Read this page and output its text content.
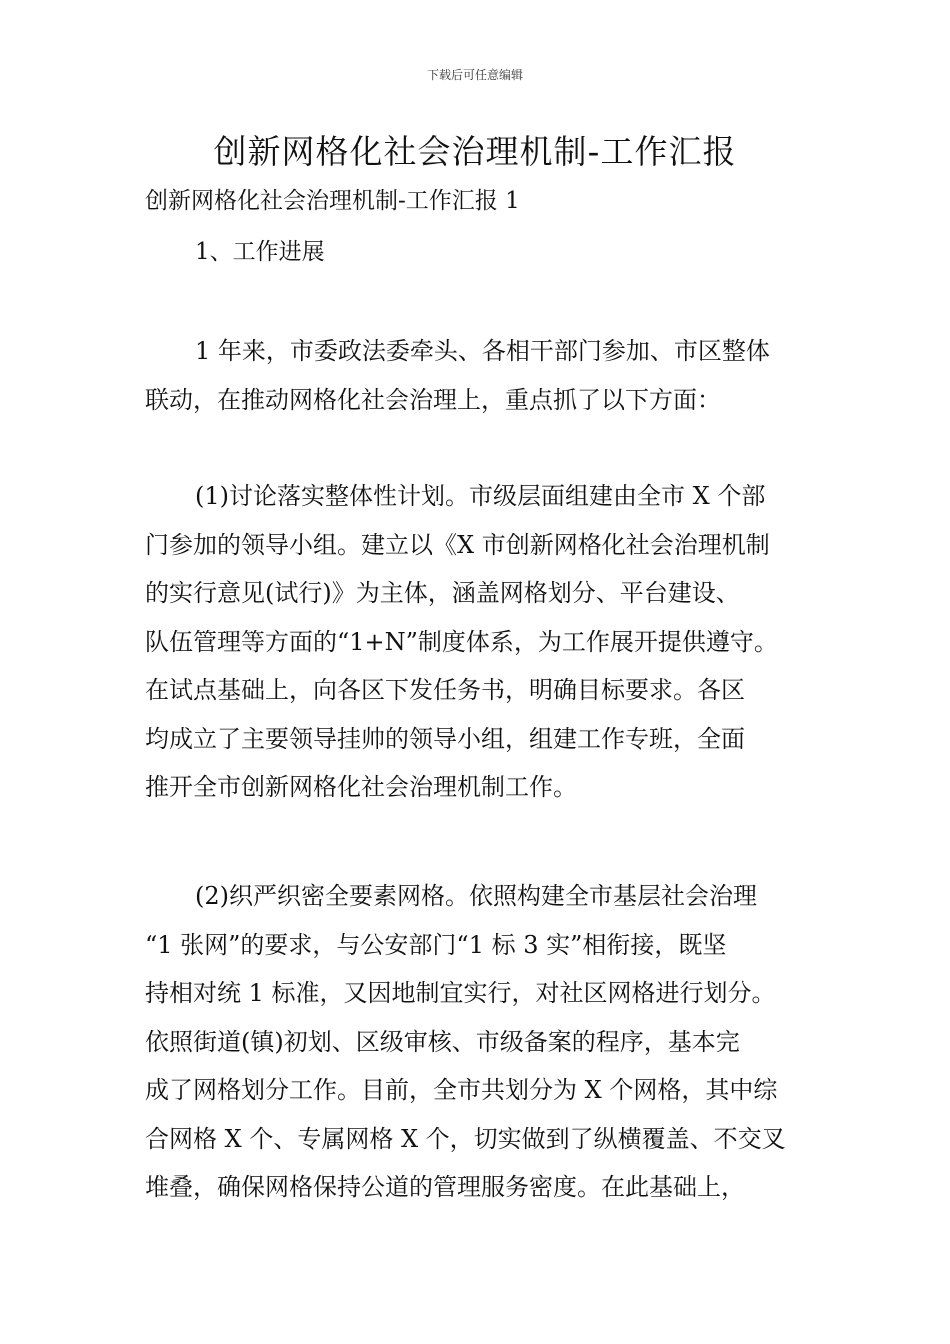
下载后可任意编辑
创新网格化社会治理机制-工作汇报

创新网格化社会治理机制-工作汇报 1

1、工作进展

1 年来，市委政法委牵头、各相干部门参加、市区整体
联动，在推动网格化社会治理上，重点抓了以下方面：

(1)讨论落实整体性计划。市级层面组建由全市 X 个部
门参加的领导小组。建立以《X 市创新网格化社会治理机制
的实行意见(试行)》为主体，涵盖网格划分、平台建设、
队伍管理等方面的“1+N”制度体系，为工作展开提供遵守。
在试点基础上，向各区下发任务书，明确目标要求。各区
均成立了主要领导挂帅的领导小组，组建工作专班，全面
推开全市创新网格化社会治理机制工作。

(2)织严织密全要素网格。依照构建全市基层社会治理
“1 张网”的要求，与公安部门“1 标 3 实”相衔接，既坚
持相对统 1 标准，又因地制宜实行，对社区网格进行划分。
依照街道(镇)初划、区级审核、市级备案的程序，基本完
成了网格划分工作。目前，全市共划分为 X 个网格，其中综
合网格 X 个、专属网格 X 个，切实做到了纵横覆盖、不交叉
堆叠，确保网格保持公道的管理服务密度。在此基础上，
